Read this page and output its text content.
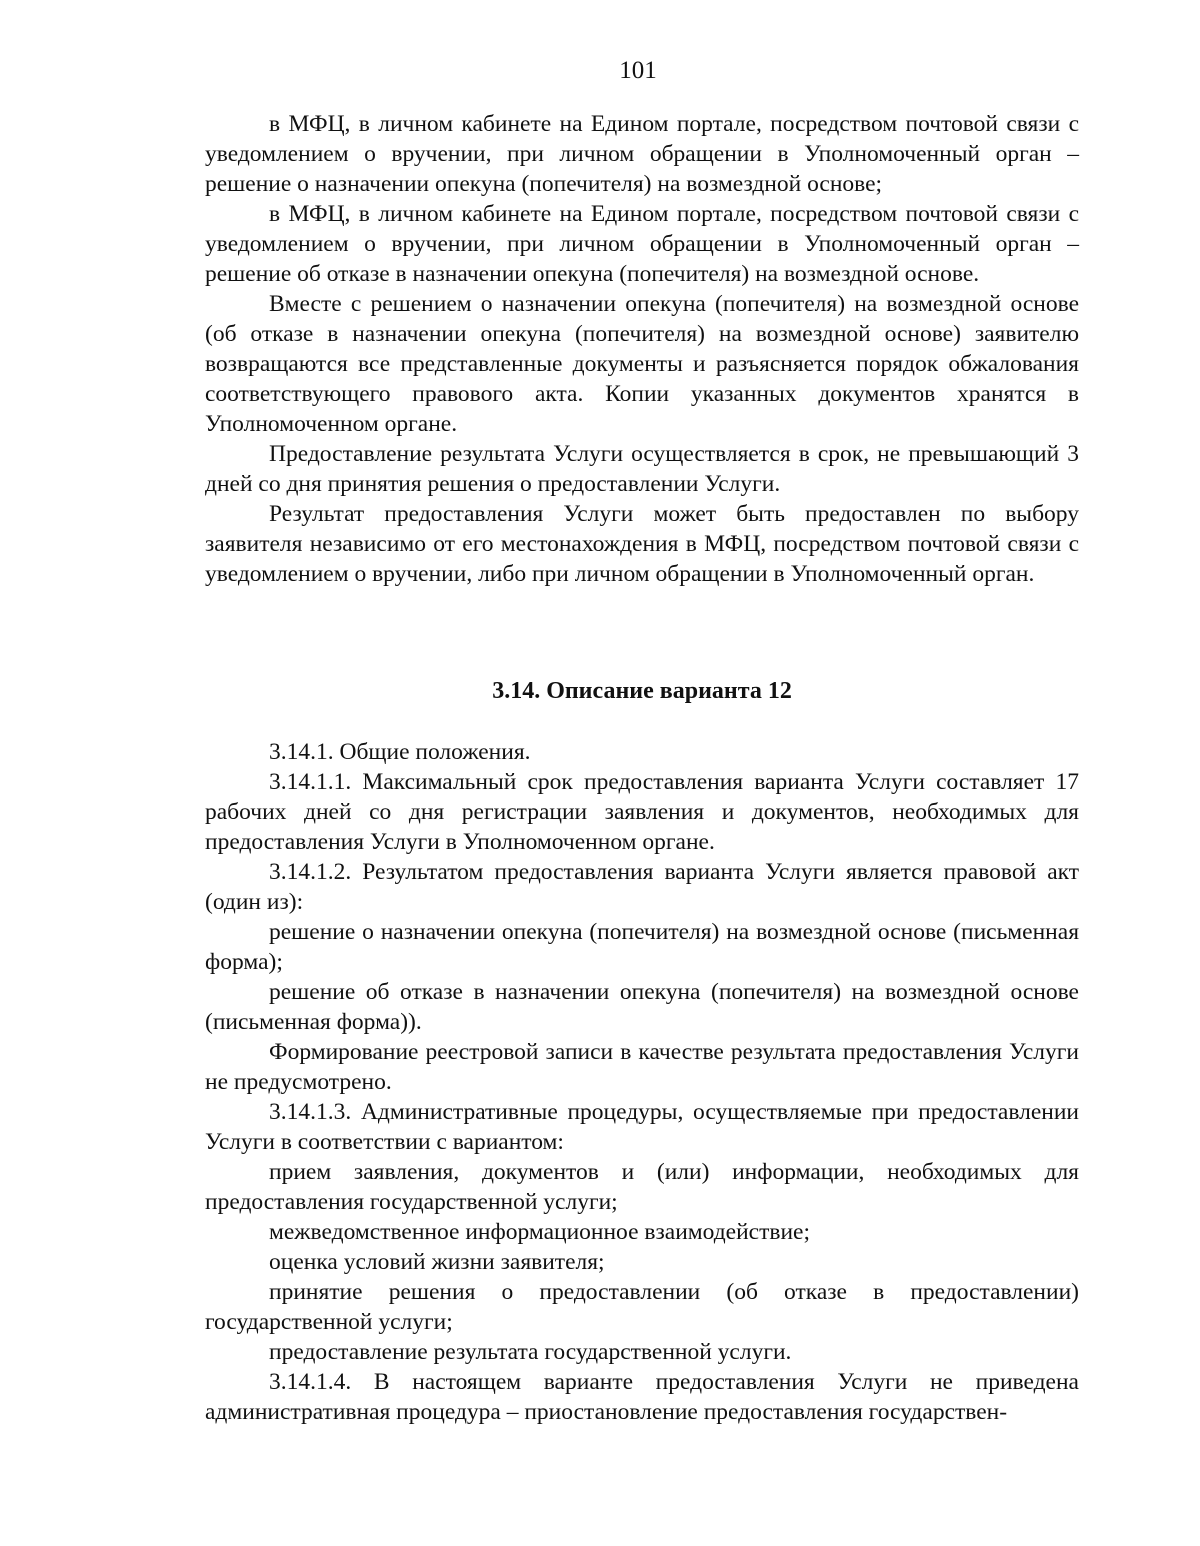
101

в МФЦ, в личном кабинете на Едином портале, посредством почтовой связи с уведомлением о вручении, при личном обращении в Уполномоченный орган – решение о назначении опекуна (попечителя) на возмездной основе;

в МФЦ, в личном кабинете на Едином портале, посредством почтовой связи с уведомлением о вручении, при личном обращении в Уполномоченный орган – решение об отказе в назначении опекуна (попечителя) на возмездной основе.

Вместе с решением о назначении опекуна (попечителя) на возмездной основе (об отказе в назначении опекуна (попечителя) на возмездной основе) заявителю возвращаются все представленные документы и разъясняется порядок обжалования соответствующего правового акта. Копии указанных документов хранятся в Уполномоченном органе.

Предоставление результата Услуги осуществляется в срок, не превышающий 3 дней со дня принятия решения о предоставлении Услуги.

Результат предоставления Услуги может быть предоставлен по выбору заявителя независимо от его местонахождения в МФЦ, посредством почтовой связи с уведомлением о вручении, либо при личном обращении в Уполномоченный орган.

3.14. Описание варианта 12

3.14.1. Общие положения.

3.14.1.1. Максимальный срок предоставления варианта Услуги составляет 17 рабочих дней со дня регистрации заявления и документов, необходимых для предоставления Услуги в Уполномоченном органе.

3.14.1.2. Результатом предоставления варианта Услуги является правовой акт (один из):

решение о назначении опекуна (попечителя) на возмездной основе (письменная форма);

решение об отказе в назначении опекуна (попечителя) на возмездной основе (письменная форма)).

Формирование реестровой записи в качестве результата предоставления Услуги не предусмотрено.

3.14.1.3. Административные процедуры, осуществляемые при предоставлении Услуги в соответствии с вариантом:

прием заявления, документов и (или) информации, необходимых для предоставления государственной услуги;

межведомственное информационное взаимодействие;

оценка условий жизни заявителя;

принятие решения о предоставлении (об отказе в предоставлении) государственной услуги;

предоставление результата государственной услуги.

3.14.1.4. В настоящем варианте предоставления Услуги не приведена административная процедура – приостановление предоставления государствен-
